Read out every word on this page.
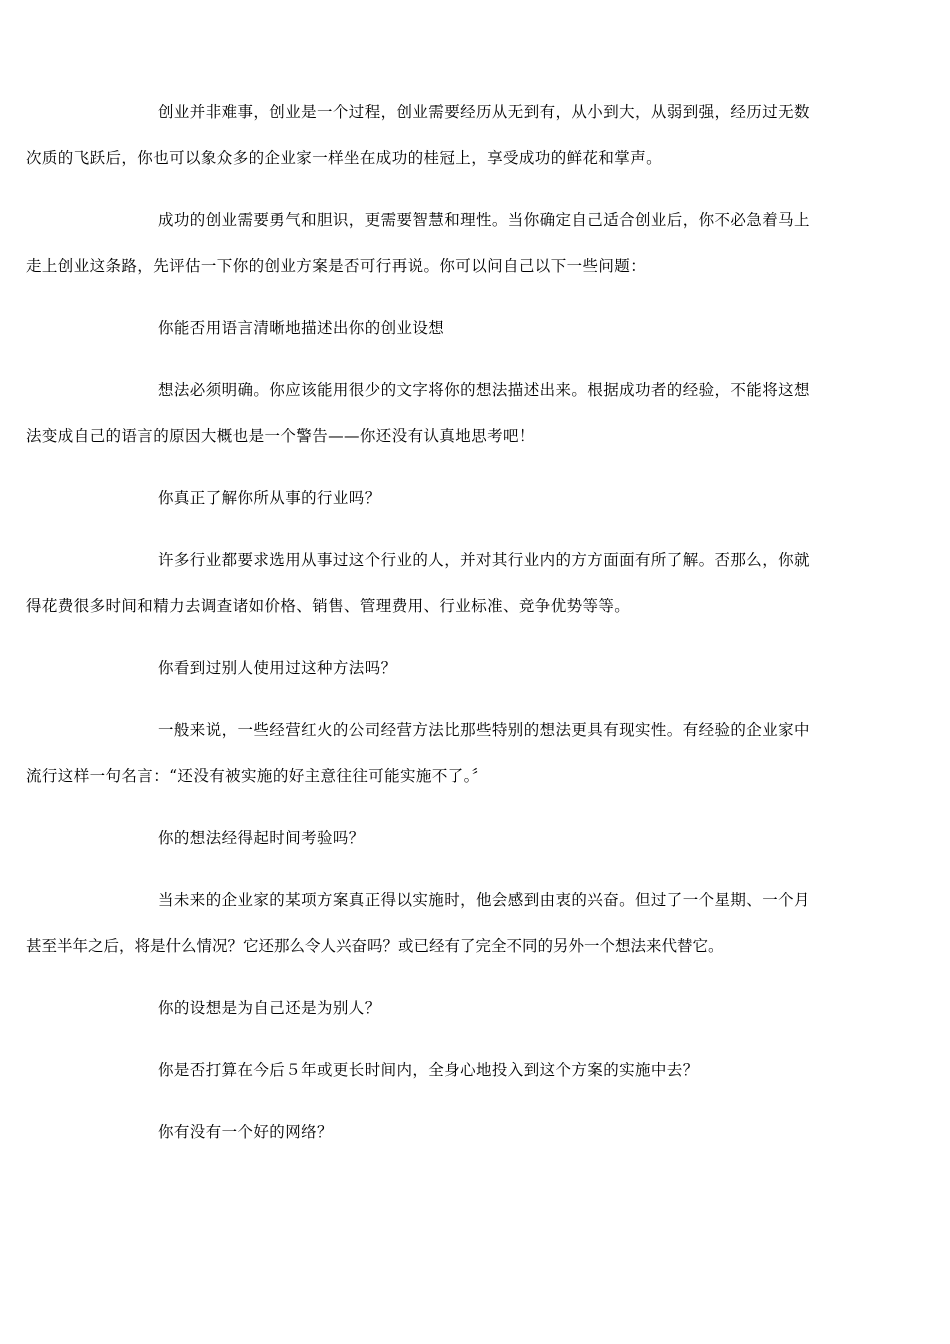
创业并非难事，创业是一个过程，创业需要经历从无到有，从小到大，从弱到强，经历过无数
次质的飞跃后，你也可以象众多的企业家一样坐在成功的桂冠上，享受成功的鲜花和掌声。

成功的创业需要勇气和胆识，更需要智慧和理性。当你确定自己适合创业后，你不必急着马上
走上创业这条路，先评估一下你的创业方案是否可行再说。你可以问自己以下一些问题：

你能否用语言清晰地描述出你的创业设想

想法必须明确。你应该能用很少的文字将你的想法描述出来。根据成功者的经验，不能将这想
法变成自己的语言的原因大概也是一个警告——你还没有认真地思考吧！

你真正了解你所从事的行业吗？

许多行业都要求选用从事过这个行业的人，并对其行业内的方方面面有所了解。否那么，你就
得花费很多时间和精力去调查诸如价格、销售、管理费用、行业标准、竞争优势等等。

你看到过别人使用过这种方法吗？

一般来说，一些经营红火的公司经营方法比那些特别的想法更具有现实性。有经验的企业家中
流行这样一句名言：“还没有被实施的好主意往往可能实施不了。〞

你的想法经得起时间考验吗？

当未来的企业家的某项方案真正得以实施时，他会感到由衷的兴奋。但过了一个星期、一个月
甚至半年之后，将是什么情况？它还那么令人兴奋吗？或已经有了完全不同的另外一个想法来代替它。

你的设想是为自己还是为别人？

你是否打算在今后５年或更长时间内，全身心地投入到这个方案的实施中去？

你有没有一个好的网络？
